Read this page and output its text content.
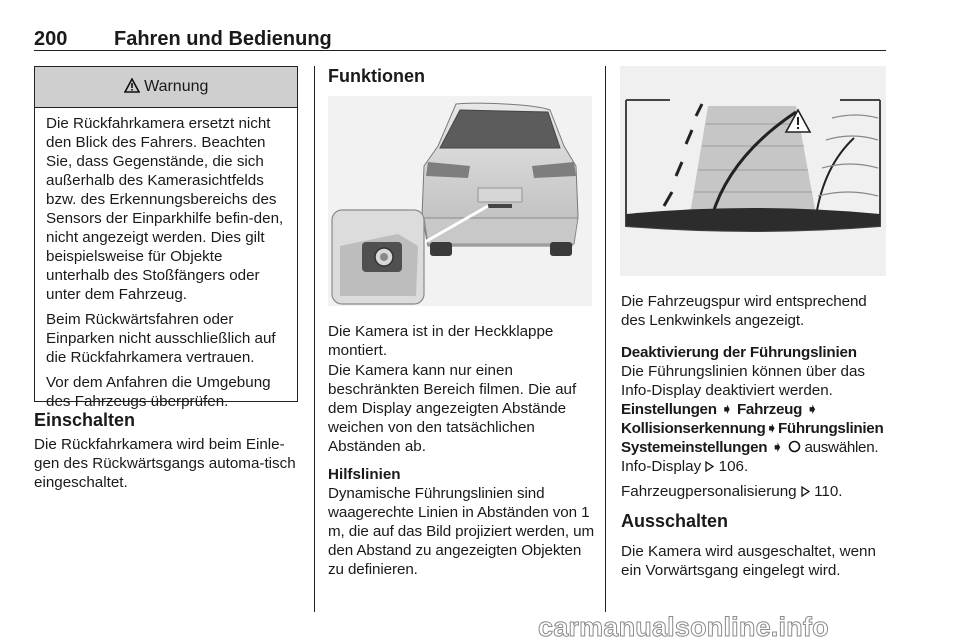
200 Fahren und Bedienung
Warnung

Die Rückfahrkamera ersetzt nicht den Blick des Fahrers. Beachten Sie, dass Gegenstände, die sich außerhalb des Kamerasichtfelds bzw. des Erkennungsbereichs des Sensors der Einparkhilfe befin-den, nicht angezeigt werden. Dies gilt beispielsweise für Objekte unterhalb des Stoßfängers oder unter dem Fahrzeug.

Beim Rückwärtsfahren oder Einparken nicht ausschließlich auf die Rückfahrkamera vertrauen.

Vor dem Anfahren die Umgebung des Fahrzeugs überprüfen.

Einschalten

Die Rückfahrkamera wird beim Einle-gen des Rückwärtsgangs automa-tisch eingeschaltet.

Funktionen

Die Kamera ist in der Heckklappe montiert.

Die Kamera kann nur einen beschränkten Bereich filmen. Die auf dem Display angezeigten Abstände weichen von den tatsächlichen Abständen ab.

Hilfslinien

Dynamische Führungslinien sind waagerechte Linien in Abständen von 1 m, die auf das Bild projiziert werden, um den Abstand zu angezeigten Objekten zu definieren.

Die Fahrzeugspur wird entsprechend des Lenkwinkels angezeigt.

Deaktivierung der Führungslinien

Die Führungslinien können über das Info-Display deaktiviert werden.

Einstellungen ➧ Fahrzeug ➧
Kollisionserkennung➧Führungslinien
Systemeinstellungen ➧ auswählen.
Info-Display 106.
Fahrzeugpersonalisierung 110.
Ausschalten

Die Kamera wird ausgeschaltet, wenn ein Vorwärtsgang eingelegt wird.

carmanualsonline.info
